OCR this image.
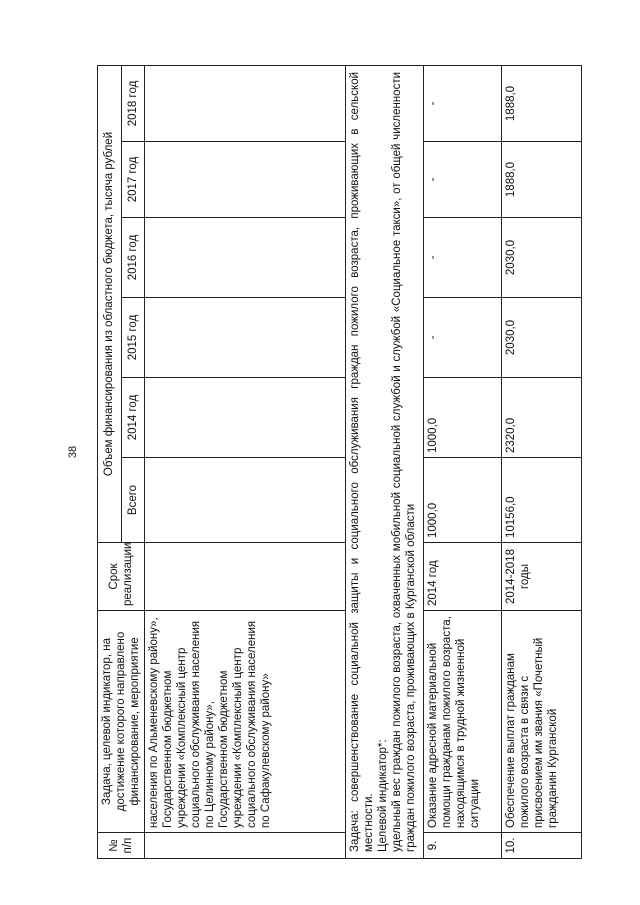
38
№ п/п	Задача, целевой индикатор, на достижение которого направлено финансирование, мероприятие	Срок реализации	Объем финансирования из областного бюджета, тысяча рублей					
			Всего	2014 год	2015 год	2016 год	2017 год	2018 год
	населения по Альменевскому району», Государственном бюджетном учреждении «Комплексный центр социального обслуживания населения по Целинному району», Государственном бюджетном учреждении «Комплексный центр социального обслуживания населения по Сафакулевскому району»							

Задача: совершенствование социальной защиты и социального обслуживания граждан пожилого возраста, проживающих в сельской местности. Целевой индикатор*: удельный вес граждан пожилого возраста, охваченных мобильной социальной службой и службой «Социальное такси», от общей численности граждан пожилого возраста, проживающих в Курганской области								

9.	Оказание адресной материальной помощи гражданам пожилого возраста, находящимся в трудной жизненной ситуации	2014 год	1000,0	1000,0	-	-	-	-
10.	Обеспечение выплат гражданам пожилого возраста в связи с присвоением им звания «Почетный гражданин Курганской	2014-2018 годы	10156,0	2320,0	2030,0	2030,0	1888,0	1888,0
